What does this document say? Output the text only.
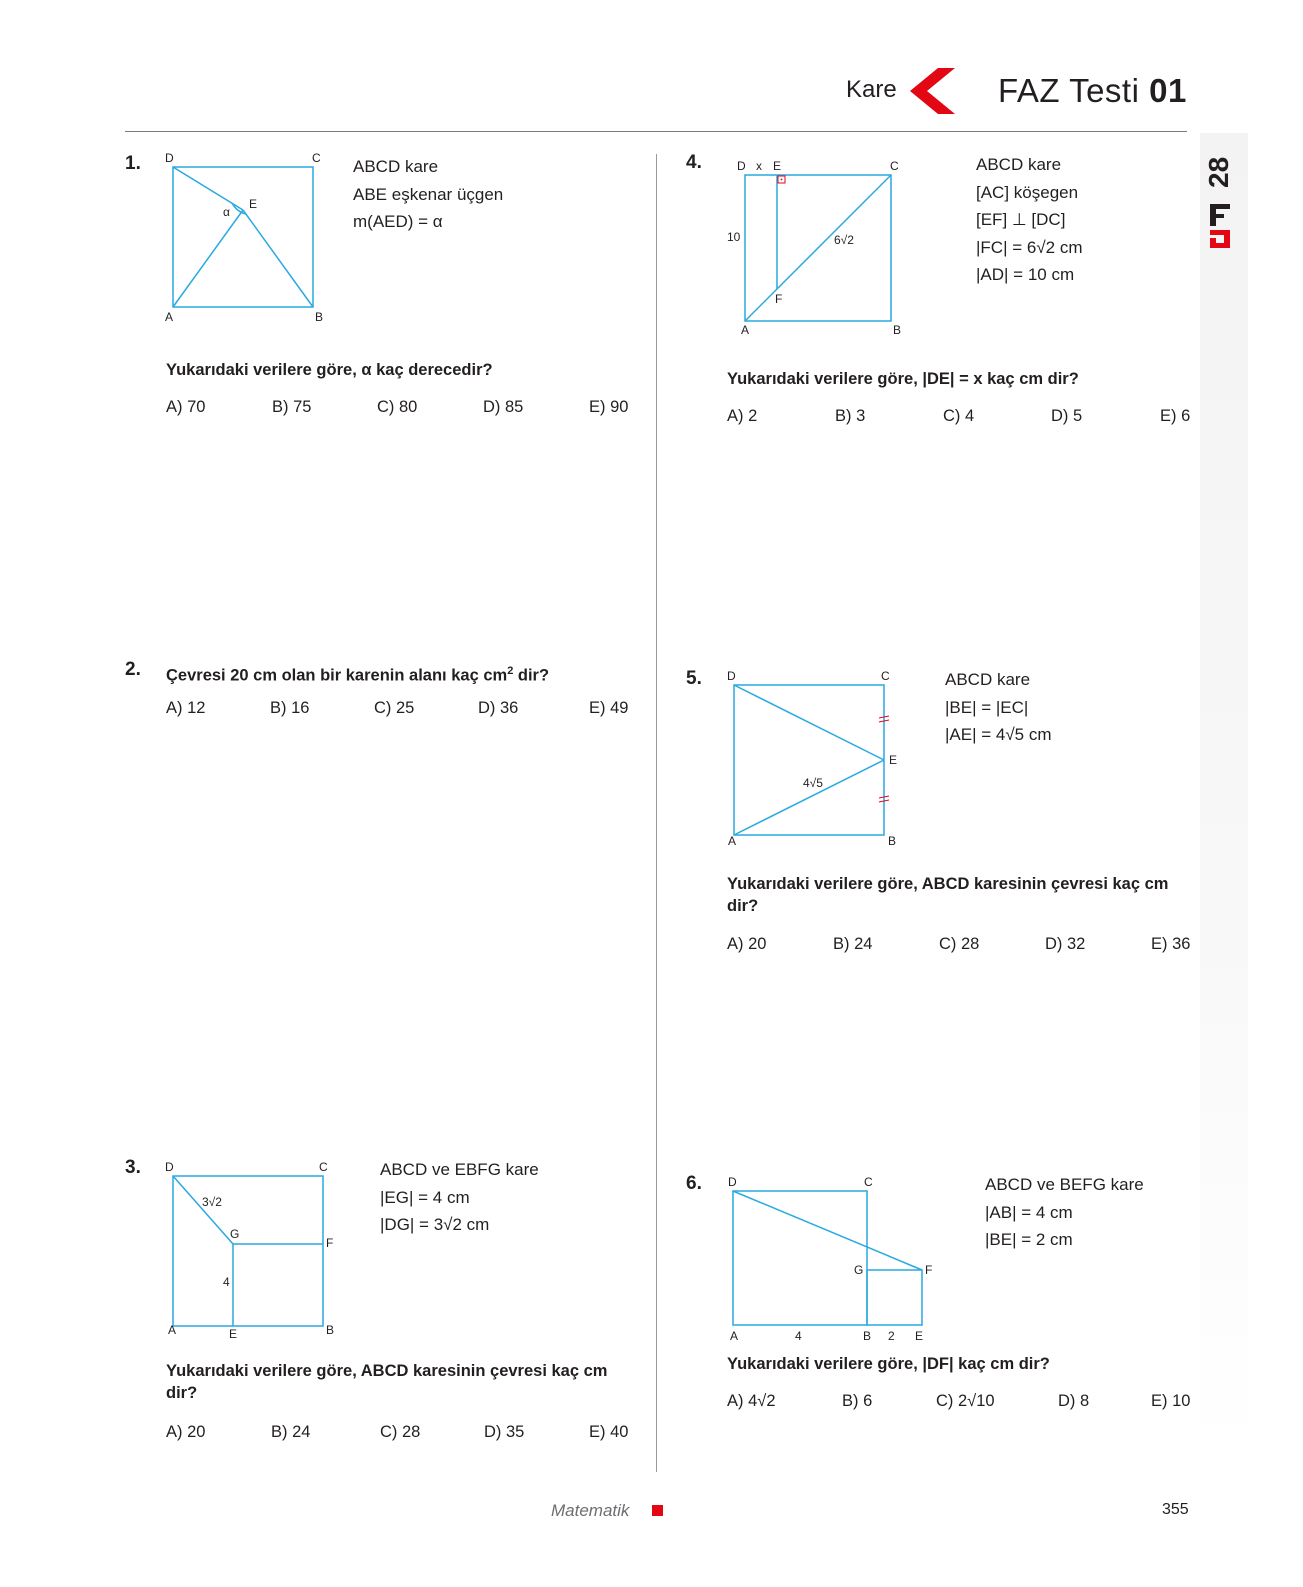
Kare	FAZ Testi 01
28
1. D	C
E
α
A	B
ABCD kare
ABE eşkenar üçgen
m(AED) = α
Yukarıdaki verilere göre, α kaç derecedir?
A) 70	B) 75	C) 80	D) 85	E) 90
2. Çevresi 20 cm olan bir karenin alanı kaç $cm^2$ dir?
A) 12	B) 16	C) 25	D) 36	E) 49
3. D	C
3√2
G
F
4
A	E	B
ABCD ve EBFG kare
|EG| = 4 cm
|DG| = 3√2 cm
Yukarıdaki verilere göre, ABCD karesinin çevresi kaç cm dir?
A) 20	B) 24	C) 28	D) 35	E) 40
4.	D x E	C
10	6√2
F
A	B
ABCD kare
[AC] köşegen
[EF] ⊥ [DC]
|FC| = 6√2 cm
|AD| = 10 cm
Yukarıdaki verilere göre, |DE| = x kaç cm dir?
A) 2	B) 3	C) 4	D) 5	E) 6
5. D	C
E
4√5
A	B
ABCD kare
|BE| = |EC|
|AE| = 4√5 cm
Yukarıdaki verilere göre, ABCD karesinin çevresi kaç cm dir?
A) 20	B) 24	C) 28	D) 32	E) 36
6. D	C
G	F
A	4	B 2 E
ABCD ve BEFG kare
|AB| = 4 cm
|BE| = 2 cm
Yukarıdaki verilere göre, |DF| kaç cm dir?
A) 4√2	B) 6	C) 2√10	D) 8	E) 10
Matematik	355
